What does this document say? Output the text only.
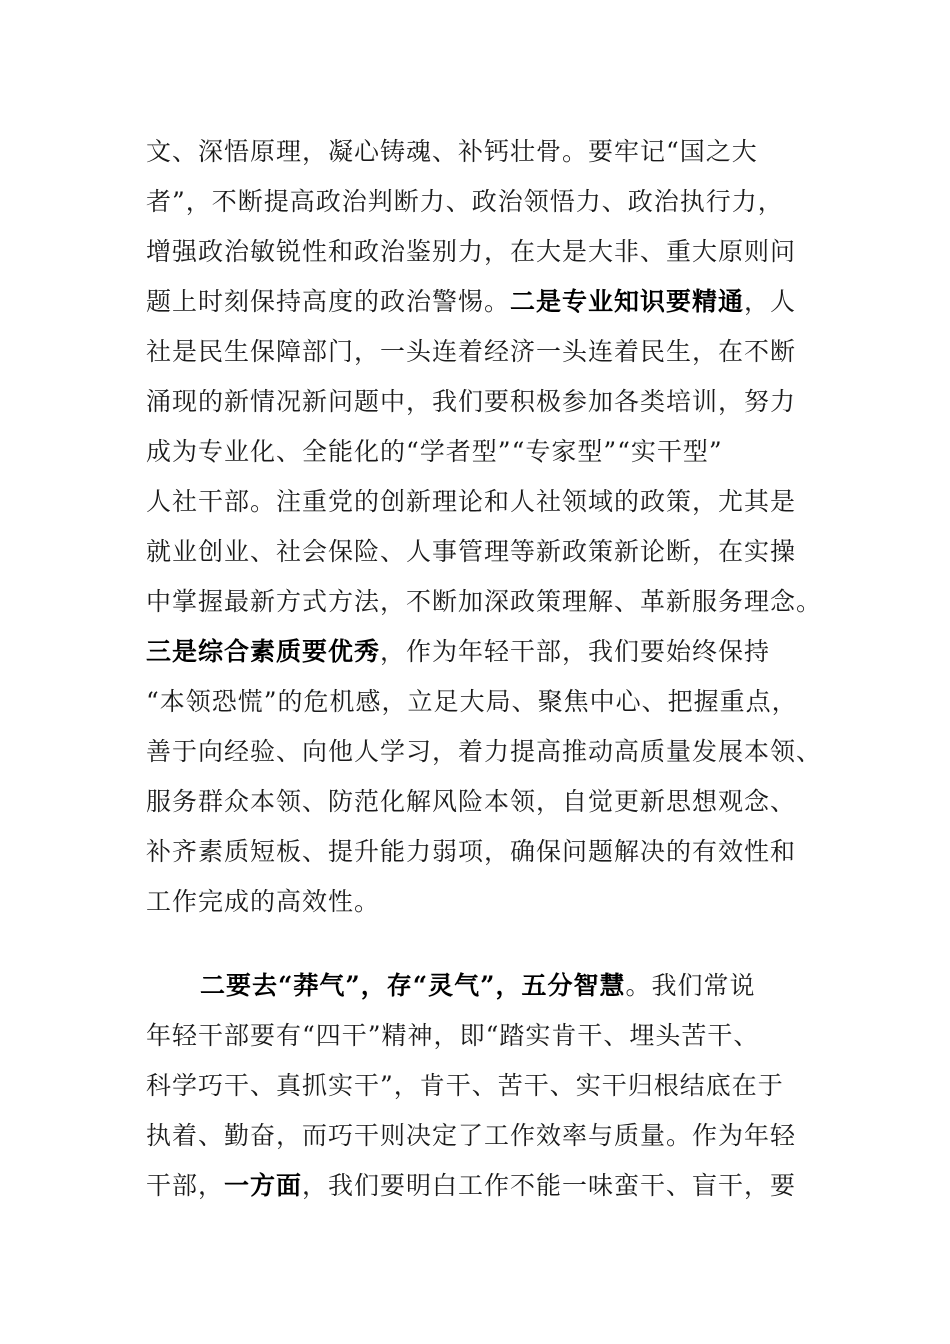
文、深悟原理，凝心铸魂、补钙壮骨。要牢记“国之大
者”，不断提高政治判断力、政治领悟力、政治执行力，
增强政治敏锐性和政治鉴别力，在大是大非、重大原则问
题上时刻保持高度的政治警惕。二是专业知识要精通，人
社是民生保障部门，一头连着经济一头连着民生，在不断
涌现的新情况新问题中，我们要积极参加各类培训，努力
成为专业化、全能化的“学者型”“专家型”“实干型”
人社干部。注重党的创新理论和人社领域的政策，尤其是
就业创业、社会保险、人事管理等新政策新论断，在实操
中掌握最新方式方法，不断加深政策理解、革新服务理念。
三是综合素质要优秀，作为年轻干部，我们要始终保持
“本领恐慌”的危机感，立足大局、聚焦中心、把握重点，
善于向经验、向他人学习，着力提高推动高质量发展本领、
服务群众本领、防范化解风险本领，自觉更新思想观念、
补齐素质短板、提升能力弱项，确保问题解决的有效性和
工作完成的高效性。
二要去“莽气”，存“灵气”，五分智慧。我们常说
年轻干部要有“四干”精神，即“踏实肯干、埋头苦干、
科学巧干、真抓实干”，肯干、苦干、实干归根结底在于
执着、勤奋，而巧干则决定了工作效率与质量。作为年轻
干部，一方面，我们要明白工作不能一味蛮干、盲干，要
